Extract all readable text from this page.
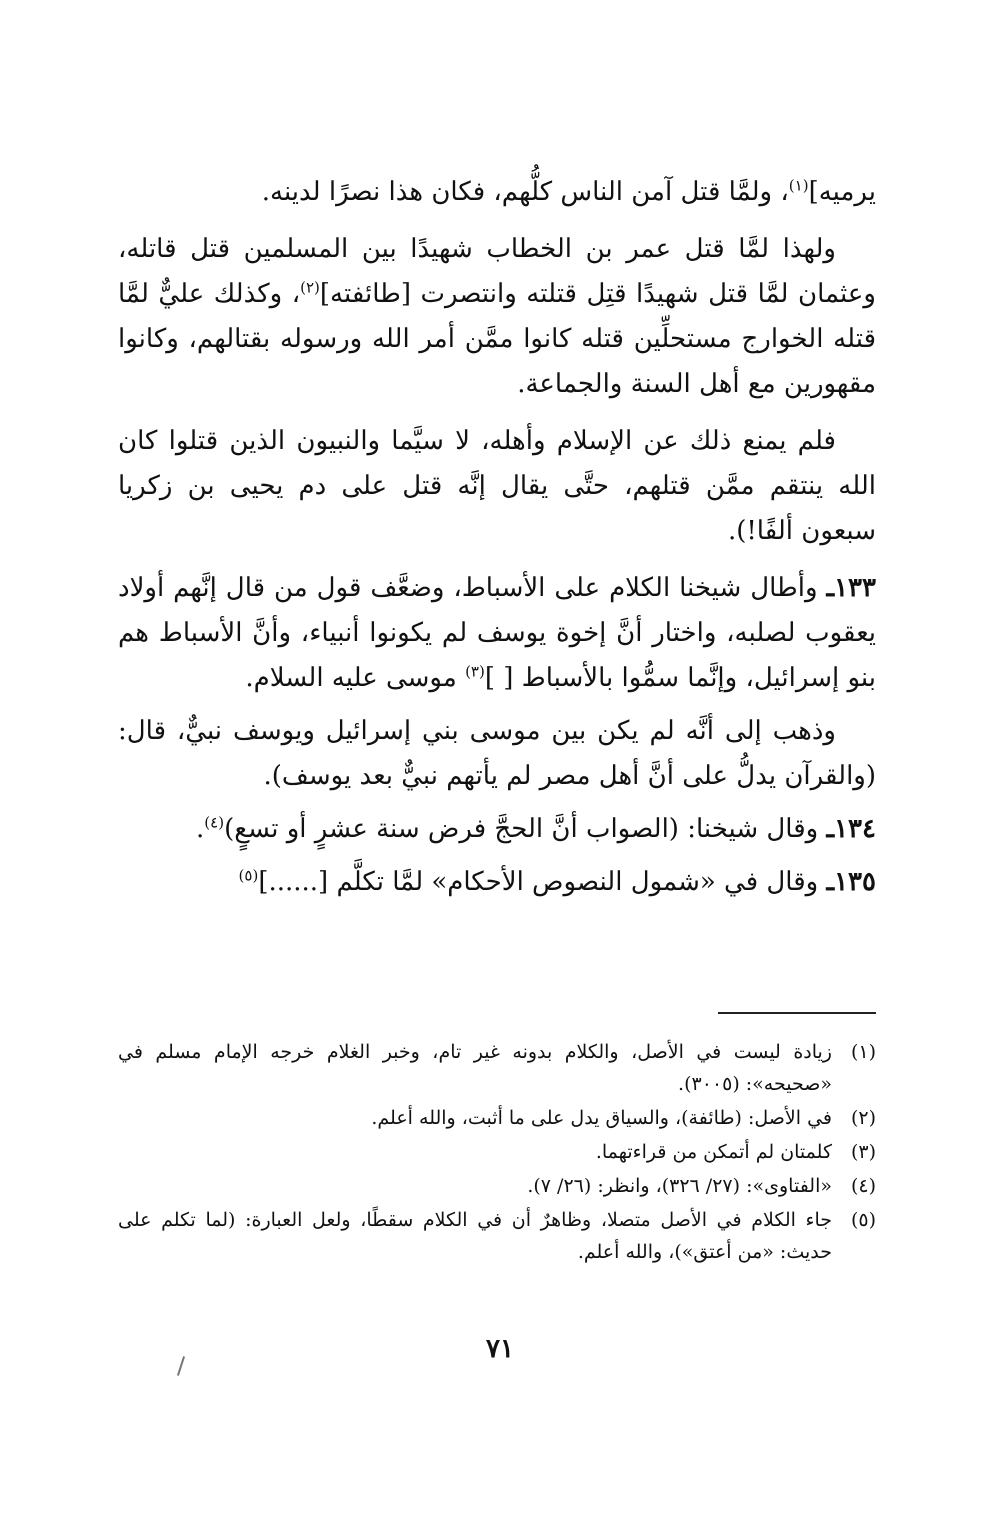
يرميه]$^{(١)}$، ولمَّا قتل آمن الناس كلُّهم، فكان هذا نصرًا لدينه.

ولهذا لمَّا قتل عمر بن الخطاب شهيدًا بين المسلمين قتل قاتله، وعثمان لمَّا قتل شهيدًا قتِل قتلته وانتصرت [طائفته]$^{(٢)}$، وكذلك عليٌّ لمَّا قتله الخوارج مستحلِّين قتله كانوا ممَّن أمر الله ورسوله بقتالهم، وكانوا مقهورين مع أهل السنة والجماعة.

فلم يمنع ذلك عن الإسلام وأهله، لا سيَّما والنبيون الذين قتلوا كان الله ينتقم ممَّن قتلهم، حتَّى يقال إنَّه قتل على دم يحيى بن زكريا سبعون ألفًا!).

١٣٣ـ وأطال شيخنا الكلام على الأسباط، وضعَّف قول من قال إنَّهم أولاد يعقوب لصلبه، واختار أنَّ إخوة يوسف لم يكونوا أنبياء، وأنَّ الأسباط هم بنو إسرائيل، وإنَّما سمُّوا بالأسباط [ ]$^{(٣)}$ موسى عليه السلام.

وذهب إلى أنَّه لم يكن بين موسى بني إسرائيل ويوسف نبيٌّ، قال: (والقرآن يدلُّ على أنَّ أهل مصر لم يأتهم نبيٌّ بعد يوسف).

١٣٤ـ وقال شيخنا: (الصواب أنَّ الحجَّ فرض سنة عشرٍ أو تسعٍ)$^{(٤)}$.

١٣٥ـ وقال في «شمول النصوص الأحكام» لمَّا تكلَّم [......]$^{(٥)}$

(١)
زيادة ليست في الأصل، والكلام بدونه غير تام، وخبر الغلام خرجه الإمام مسلم في «صحيحه»: (٣٠٠٥).
(٢)
في الأصل: (طائفة)، والسياق يدل على ما أثبت، والله أعلم.
(٣)
كلمتان لم أتمكن من قراءتهما.
(٤)
«الفتاوى»: (٢٧/ ٣٢٦)، وانظر: (٢٦/ ٧).
(٥)
جاء الكلام في الأصل متصلا، وظاهرٌ أن في الكلام سقطًا، ولعل العبارة: (لما تكلم على حديث: «من أعتق»)، والله أعلم.
٧١
